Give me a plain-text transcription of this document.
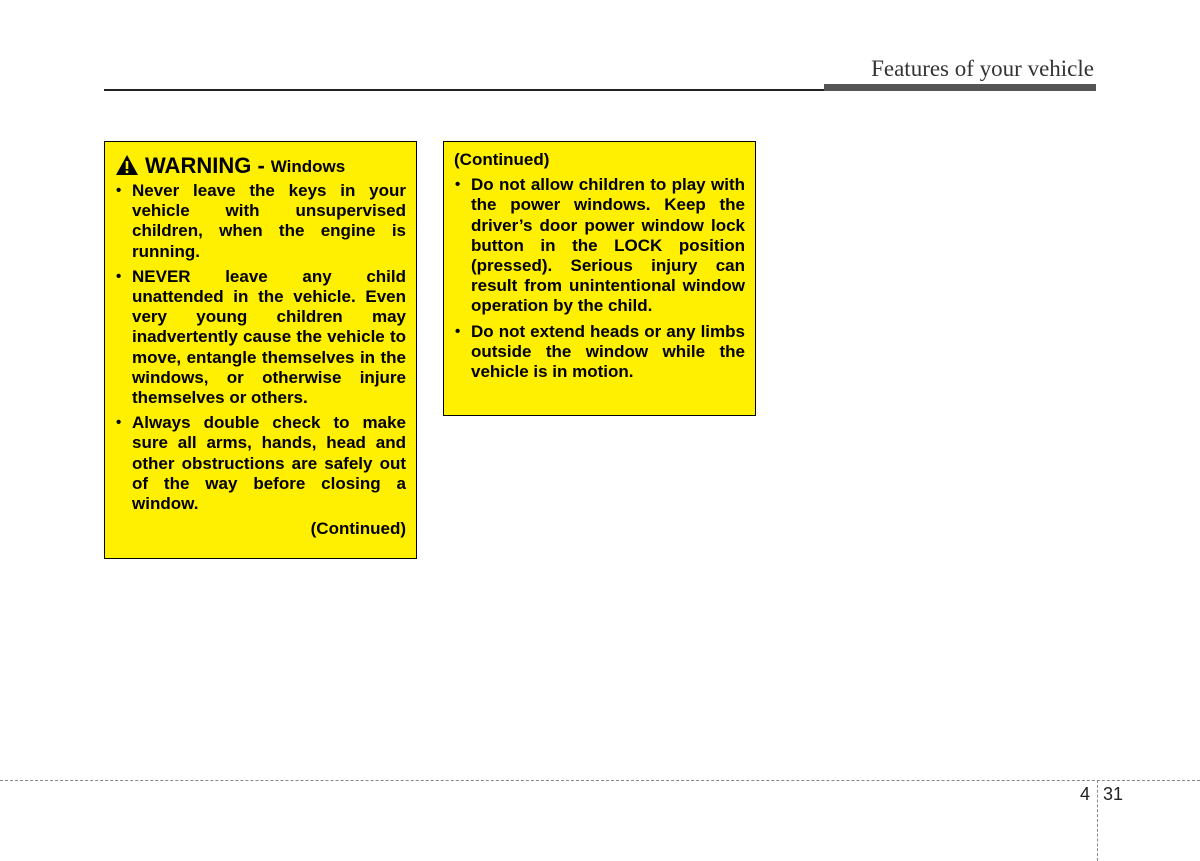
Features of your vehicle
WARNING - Windows
• Never leave the keys in your vehicle with unsupervised children, when the engine is running.
• NEVER leave any child unattended in the vehicle. Even very young children may inadvertently cause the vehicle to move, entangle themselves in the windows, or otherwise injure themselves or others.
• Always double check to make sure all arms, hands, head and other obstructions are safely out of the way before closing a window.
(Continued)
(Continued)
• Do not allow children to play with the power windows. Keep the driver’s door power window lock button in the LOCK position (pressed). Serious injury can result from unintentional window operation by the child.
• Do not extend heads or any limbs outside the window while the vehicle is in motion.
4 31
